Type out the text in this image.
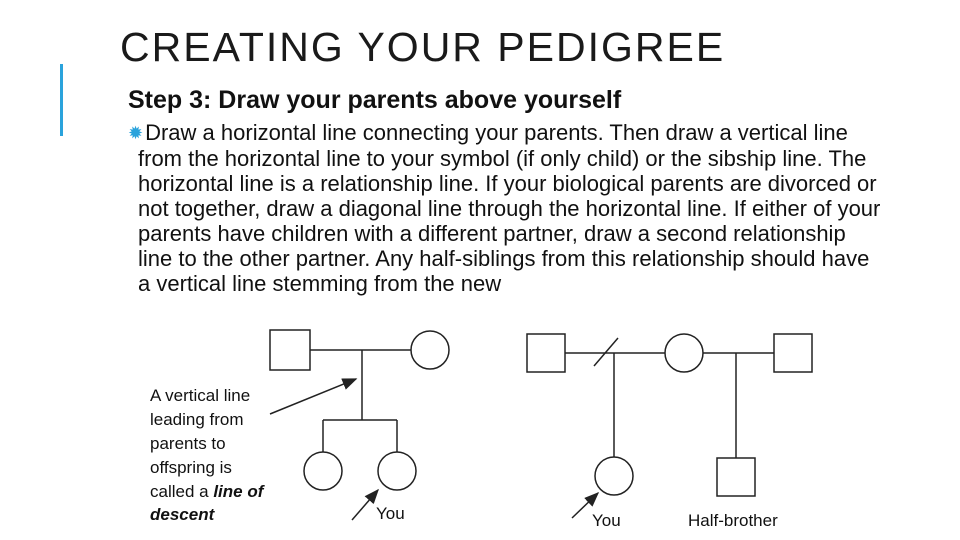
CREATING YOUR PEDIGREE
Step 3: Draw your parents above yourself
✹Draw a horizontal line connecting your parents. Then draw a vertical line from the horizontal line to your symbol (if only child) or the sibship line. The horizontal line is a relationship line. If your biological parents are divorced or not together, draw a diagonal line through the horizontal line. If either of your parents have children with a different partner, draw a second relationship line to the other partner. Any half-siblings from this relationship should have a vertical line stemming from the new
A vertical line
leading from
parents to
offspring is
called a line of
descent	You	You	Half-brother
